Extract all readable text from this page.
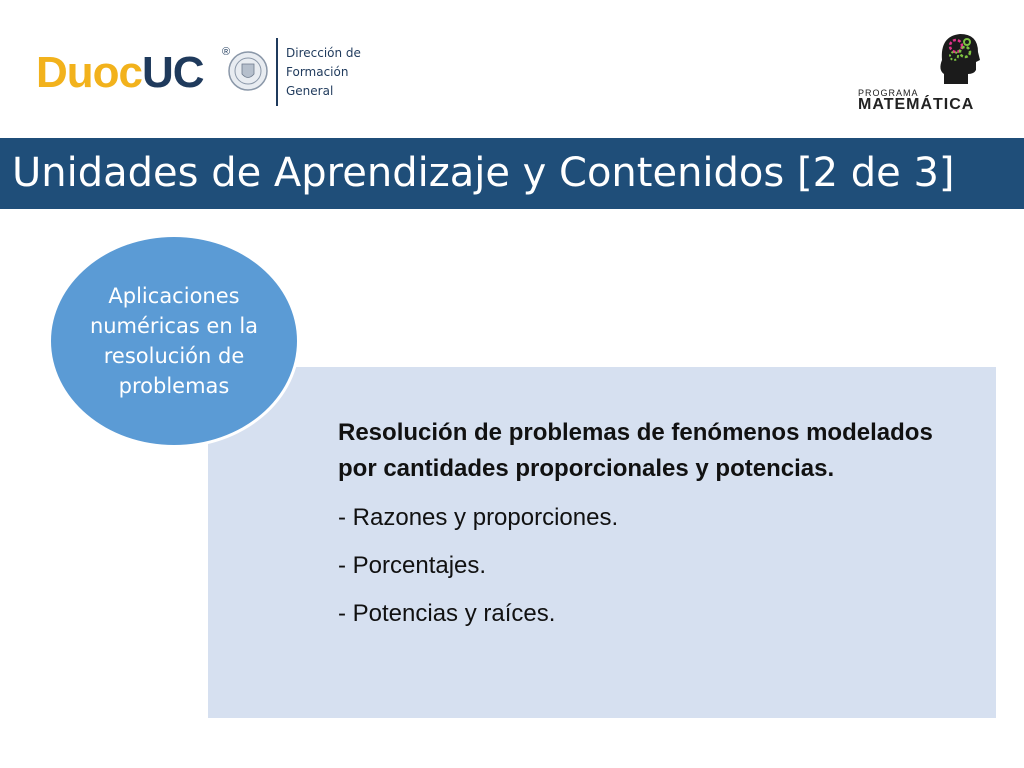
DuocUC ®	Dirección de
Formación
General	PROGRAMA
MATEMÁTICA
Unidades de Aprendizaje y Contenidos [2 de 3]

Resolución de problemas de fenómenos modelados por cantidades proporcionales y potencias.

- Razones y proporciones.

- Porcentajes.

- Potencias y raíces.

Aplicaciones numéricas en la resolución de problemas
